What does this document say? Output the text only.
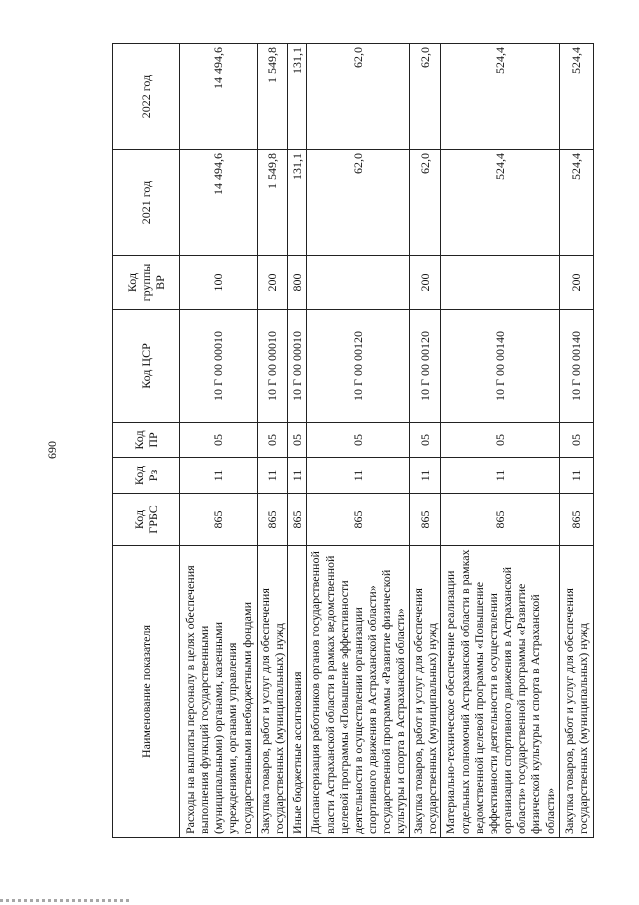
690
Наименование показателя	Код ГРБС	Код Рз	Код ПР	Код ЦСР	Код группы ВР	2021 год	2022 год
Расходы на выплаты персоналу в целях обеспечения выполнения функций государственными (муниципальными) органами, казенными учреждениями, органами управления государственными внебюджетными фондами	865	11	05	10 Г 00 00010	100	14 494,6	14 494,6
Закупка товаров, работ и услуг для обеспечения государственных (муниципальных) нужд	865	11	05	10 Г 00 00010	200	1 549,8	1 549,8
Иные бюджетные ассигнования	865	11	05	10 Г 00 00010	800	131,1	131,1
Диспансеризация работников органов государственной власти Астраханской области в рамках ведомственной целевой программы «Повышение эффективности деятельности в осуществлении организации спортивного движения в Астраханской области» государственной программы «Развитие физической культуры и спорта в Астраханской области»	865	11	05	10 Г 00 00120		62,0	62,0
Закупка товаров, работ и услуг для обеспечения государственных (муниципальных) нужд	865	11	05	10 Г 00 00120	200	62,0	62,0
Материально-техническое обеспечение реализации отдельных полномочий Астраханской области в рамках ведомственной целевой программы «Повышение эффективности деятельности в осуществлении организации спортивного движения в Астраханской области» государственной программы «Развитие физической культуры и спорта в Астраханской области»	865	11	05	10 Г 00 00140		524,4	524,4
Закупка товаров, работ и услуг для обеспечения государственных (муниципальных) нужд	865	11	05	10 Г 00 00140	200	524,4	524,4
